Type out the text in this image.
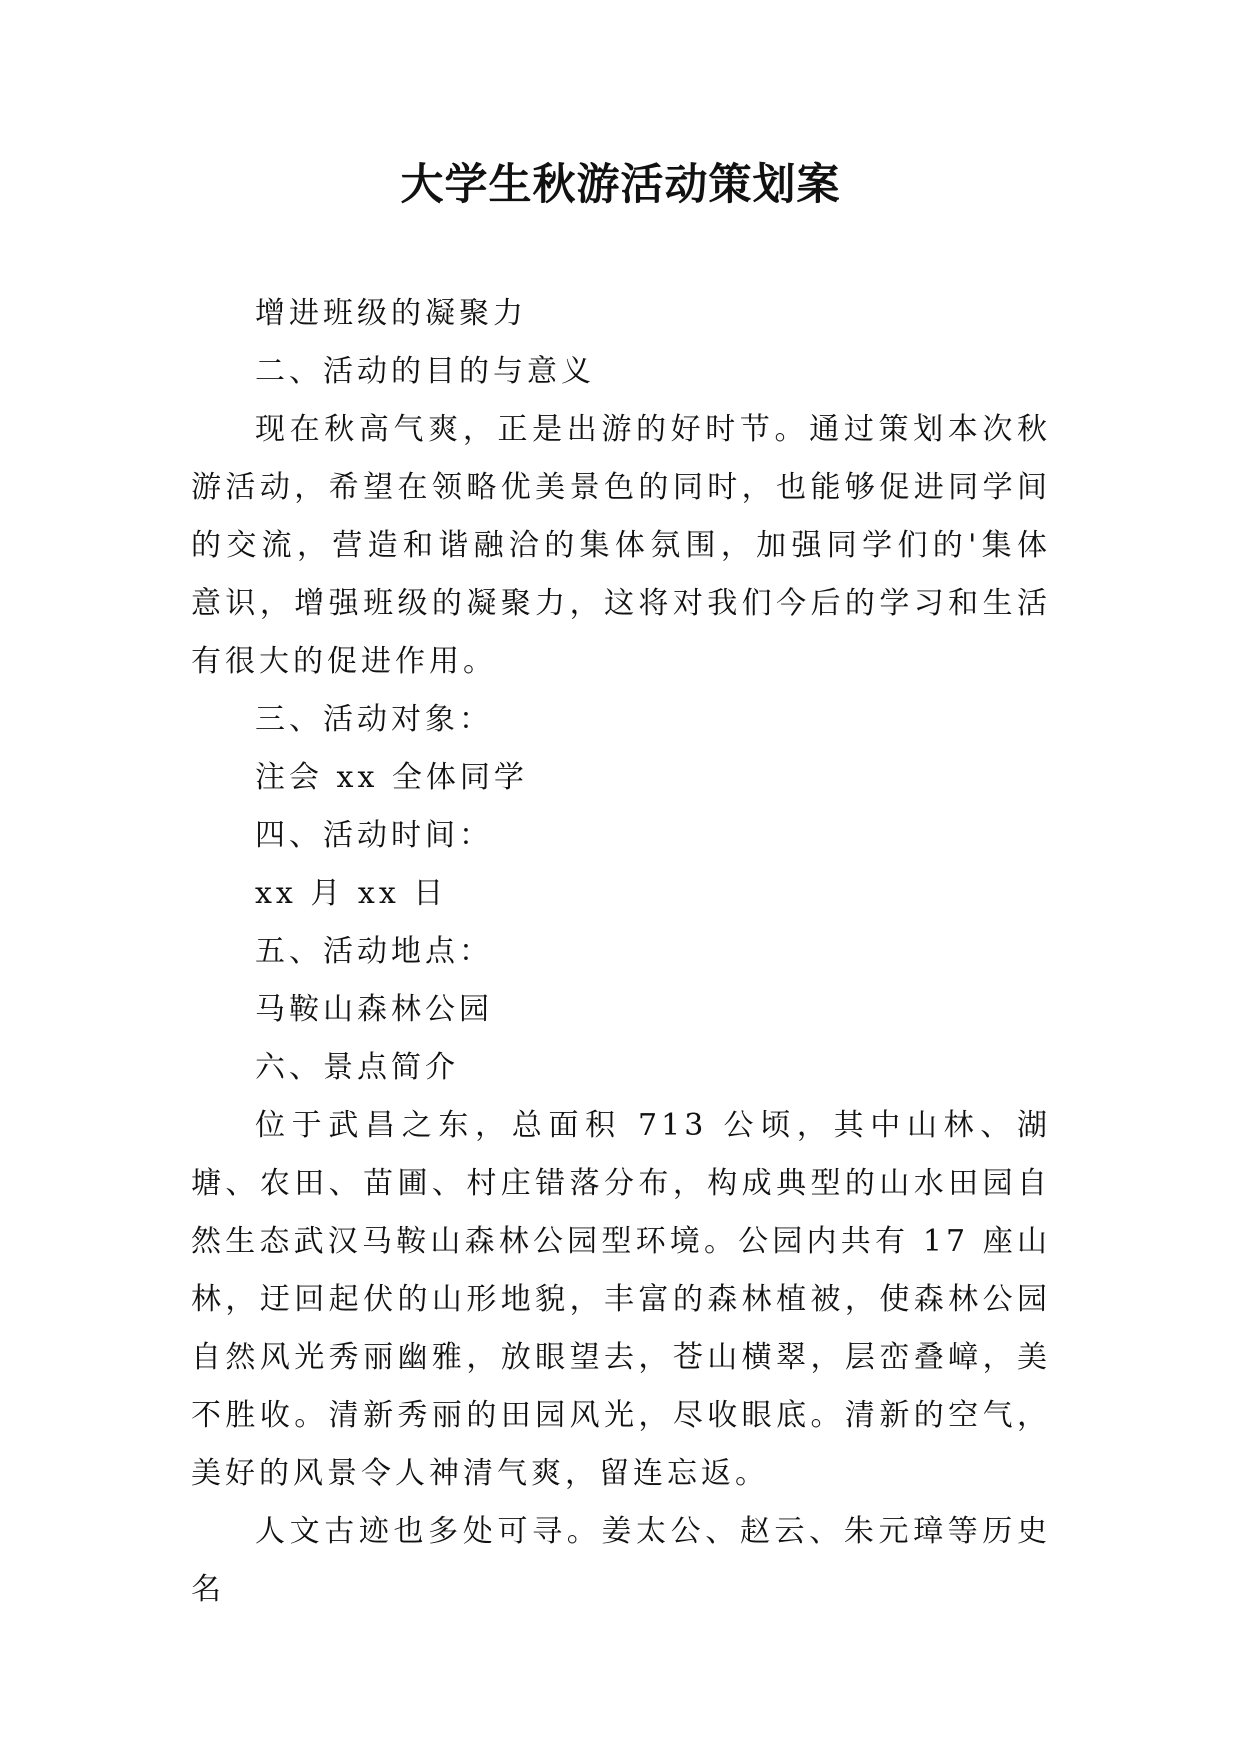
大学生秋游活动策划案

增进班级的凝聚力

二、活动的目的与意义

现在秋高气爽，正是出游的好时节。通过策划本次秋游活动，希望在领略优美景色的同时，也能够促进同学间的交流，营造和谐融洽的集体氛围，加强同学们的'集体意识，增强班级的凝聚力，这将对我们今后的学习和生活有很大的促进作用。

三、活动对象：

注会 xx 全体同学

四、活动时间：

xx 月 xx 日

五、活动地点：

马鞍山森林公园

六、景点简介

位于武昌之东，总面积 713 公顷，其中山林、湖塘、农田、苗圃、村庄错落分布，构成典型的山水田园自然生态武汉马鞍山森林公园型环境。公园内共有 17 座山林，迂回起伏的山形地貌，丰富的森林植被，使森林公园自然风光秀丽幽雅，放眼望去，苍山横翠，层峦叠嶂，美不胜收。清新秀丽的田园风光，尽收眼底。清新的空气，美好的风景令人神清气爽，留连忘返。

人文古迹也多处可寻。姜太公、赵云、朱元璋等历史名
